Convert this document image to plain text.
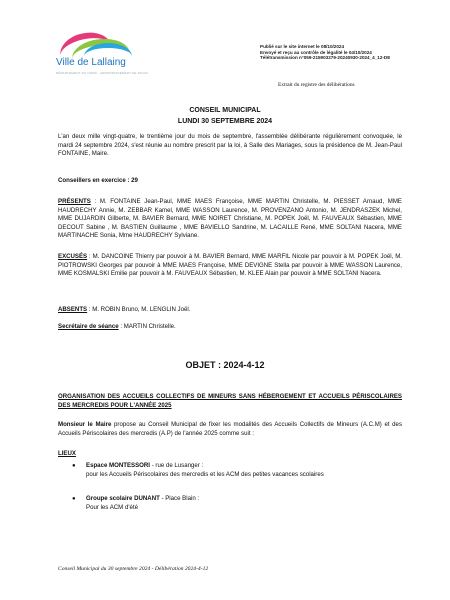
Ville de Lallaing
DÉPARTEMENT DU NORD · ARRONDISSEMENT DE DOUAI
Publié sur le site internet le 08/10/2024
Envoyé et reçu au contrôle de légalité le 04/10/2024
Télétransmission n°059-215903279-20240930-2024_4_12-DE
Extrait du registre des délibérations
CONSEIL MUNICIPAL
LUNDI 30 SEPTEMBRE 2024
L'an deux mille vingt-quatre, le trentième jour du mois de septembre, l'assemblée délibérante régulièrement convoquée, le mardi 24 septembre 2024, s'est réunie au nombre prescrit par la loi, à Salle des Mariages, sous la présidence de M. Jean-Paul FONTAINE, Maire.
Conseillers en exercice : 29
PRÉSENTS : M. FONTAINE Jean-Paul, MME MAES Françoise, MME MARTIN Christelle, M. PIESSET Arnaud, MME HAUDRECHY Annie, M. ZEBBAR Kamel, MME WASSON Laurence, M. PROVENZANO Antonio, M. JENDRASZEK Michel, MME DUJARDIN Gilberte, M. BAVIER Bernard, MME NOIRET Christiane, M. POPEK Joël, M. FAUVEAUX Sébastien, MME DECOUT Sabine , M. BASTIEN Guillaume , MME BAVIELLO Sandrine, M. LACAILLE René, MME SOLTANI Nacera, MME MARTINACHE Sonia, Mme HAUDRECHY Sylviane.
EXCUSÉS : M. DANCOINE Thierry par pouvoir à M. BAVIER Bernard, MME MARFIL Nicole par pouvoir à M. POPEK Joël, M. PIOTROWSKI Georges par pouvoir à MME MAES Françoise, MME DEVIGNE Stella par pouvoir à MME WASSON Laurence, MME KOSMALSKI Emilie par pouvoir à M. FAUVEAUX Sébastien, M. KLEE Alain par pouvoir à MME SOLTANI Nacera.
ABSENTS : M. ROBIN Bruno, M. LENGLIN Joël.
Secrétaire de séance : MARTIN Christelle.
OBJET : 2024-4-12
ORGANISATION DES ACCUEILS COLLECTIFS DE MINEURS SANS HÉBERGEMENT ET ACCUEILS PÉRISCOLAIRES DES MERCREDIS POUR L'ANNÉE 2025
Monsieur le Maire propose au Conseil Municipal de fixer les modalités des Accueils Collectifs de Mineurs (A.C.M) et des Accueils Périscolaires des mercredis (A.P) de l'année 2025 comme suit :
LIEUX
● Espace MONTESSORI - rue de Lusanger :
pour les Accueils Périscolaires des mercredis et les ACM des petites vacances scolaires
● Groupe scolaire DUNANT - Place Blain :
Pour les ACM d'été
Conseil Municipal du 30 septembre 2024 - Délibération 2024-4-12
